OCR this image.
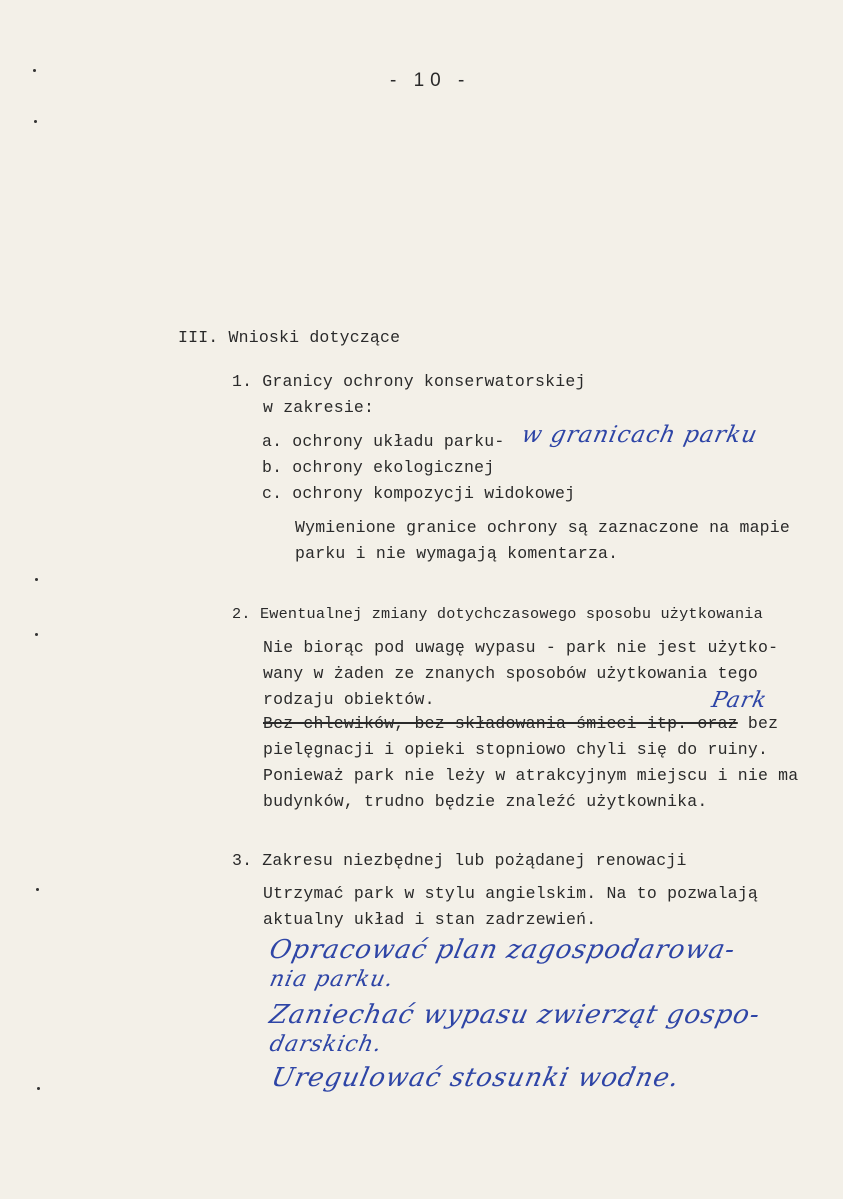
- 10 -
III. Wnioski dotyczące
1. Granicy ochrony konserwatorskiej
w zakresie:
a. ochrony układu parku- w granicach parku
b. ochrony ekologicznej
c. ochrony kompozycji widokowej
Wymienione granice ochrony są zaznaczone na mapie
parku i nie wymagają komentarza.
2. Ewentualnej zmiany dotychczasowego sposobu użytkowania
Nie biorąc pod uwagę wypasu - park nie jest użytko-
wany w żaden ze znanych sposobów użytkowania tego
rodzaju obiektów.	Park
Bez chlewików, bez składowania śmieci itp. oraz bez
pielęgnacji i opieki stopniowo chyli się do ruiny.
Ponieważ park nie leży w atrakcyjnym miejscu i nie ma
budynków, trudno będzie znaleźć użytkownika.
3. Zakresu niezbędnej lub pożądanej renowacji
Utrzymać park w stylu angielskim. Na to pozwalają
aktualny układ i stan zadrzewień.
Opracować plan zagospodarowa-
nia parku.
Zaniechać wypasu zwierząt gospo-
darskich.
Uregulować stosunki wodne.
